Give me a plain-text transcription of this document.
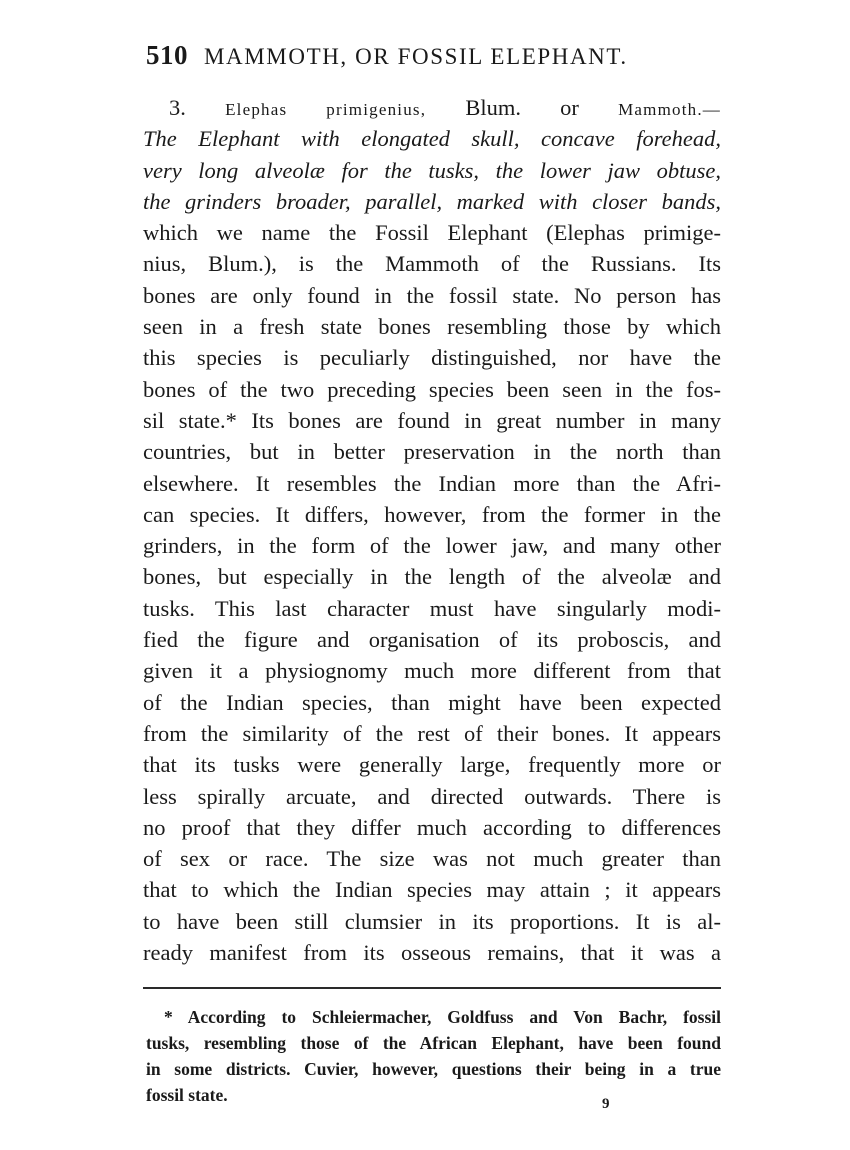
510 MAMMOTH, OR FOSSIL ELEPHANT.
3. Elephas primigenius, Blum. or Mammoth.—
The Elephant with elongated skull, concave forehead,
very long alveolæ for the tusks, the lower jaw obtuse,
the grinders broader, parallel, marked with closer bands,
which we name the Fossil Elephant (Elephas primige-
nius, Blum.), is the Mammoth of the Russians. Its
bones are only found in the fossil state. No person has
seen in a fresh state bones resembling those by which
this species is peculiarly distinguished, nor have the
bones of the two preceding species been seen in the fos-
sil state.* Its bones are found in great number in many
countries, but in better preservation in the north than
elsewhere. It resembles the Indian more than the Afri-
can species. It differs, however, from the former in the
grinders, in the form of the lower jaw, and many other
bones, but especially in the length of the alveolæ and
tusks. This last character must have singularly modi-
fied the figure and organisation of its proboscis, and
given it a physiognomy much more different from that
of the Indian species, than might have been expected
from the similarity of the rest of their bones. It appears
that its tusks were generally large, frequently more or
less spirally arcuate, and directed outwards. There is
no proof that they differ much according to differences
of sex or race. The size was not much greater than
that to which the Indian species may attain ; it appears
to have been still clumsier in its proportions. It is al-
ready manifest from its osseous remains, that it was a
* According to Schleiermacher, Goldfuss and Von Bachr, fossil
tusks, resembling those of the African Elephant, have been found
in some districts. Cuvier, however, questions their being in a true
fossil state.	9
